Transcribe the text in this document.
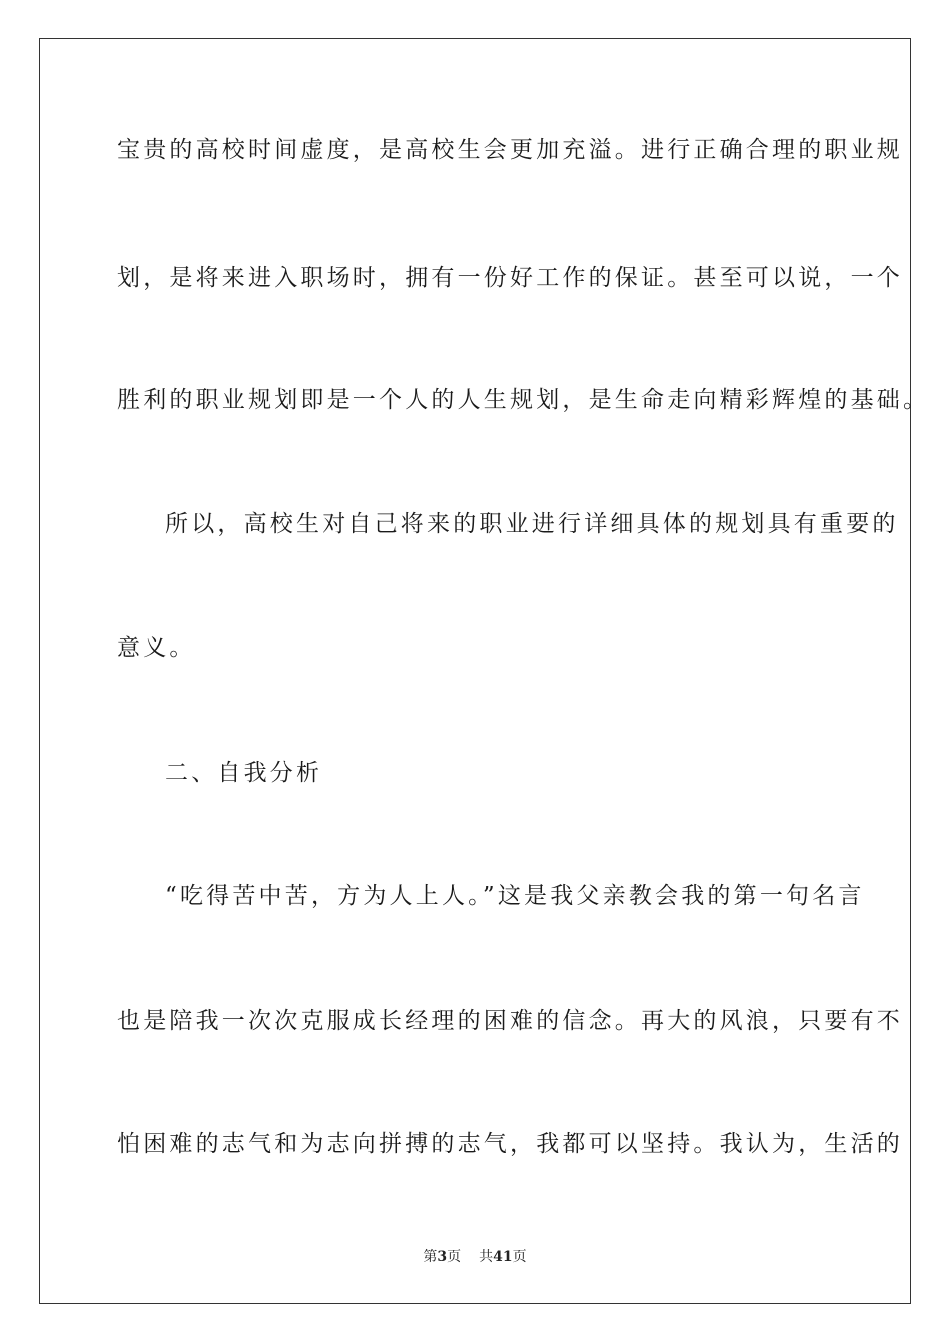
宝贵的高校时间虚度，是高校生会更加充溢。进行正确合理的职业规
划，是将来进入职场时，拥有一份好工作的保证。甚至可以说，一个
胜利的职业规划即是一个人的人生规划，是生命走向精彩辉煌的基础。
所以，高校生对自己将来的职业进行详细具体的规划具有重要的
意义。
二、自我分析
“吃得苦中苦，方为人上人。”这是我父亲教会我的第一句名言
也是陪我一次次克服成长经理的困难的信念。再大的风浪，只要有不
怕困难的志气和为志向拼搏的志气，我都可以坚持。我认为，生活的
第3页 共41页
